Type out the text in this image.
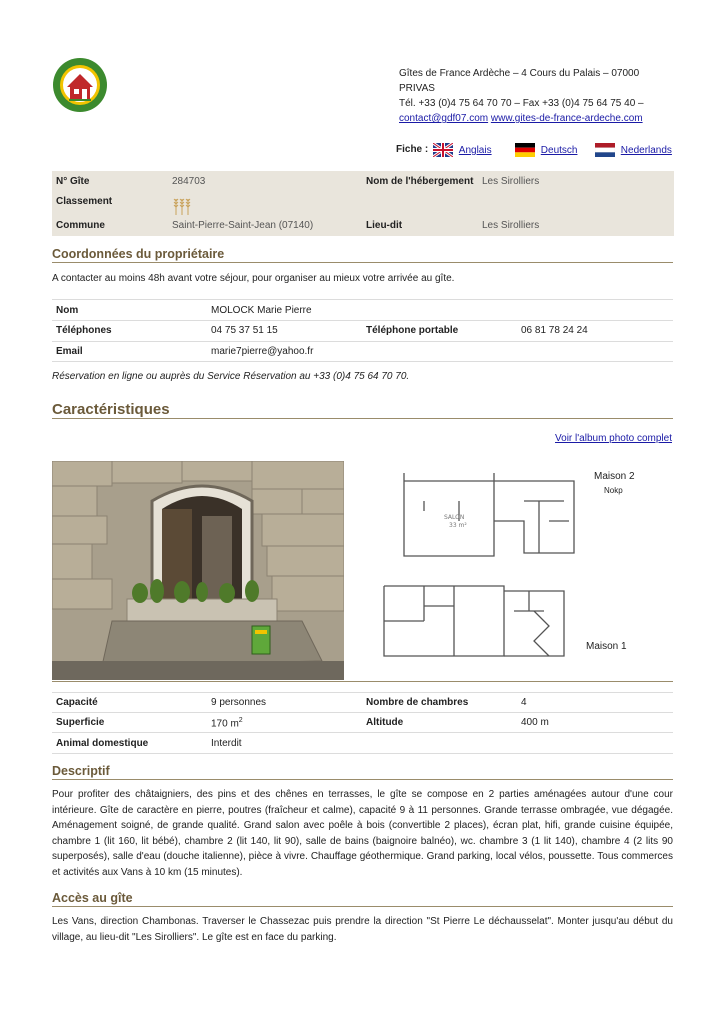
Gîtes de France Ardèche – 4 Cours du Palais – 07000
PRIVAS
Tél. +33 (0)4 75 64 70 70 – Fax +33 (0)4 75 64 75 40 –
contact@gdf07.com www.gites-de-france-ardeche.com
Fiche :	Anglais	Deutsch	Nederlands
N° Gîte	284703	Nom de l'hébergement Les Sirolliers
Classement
Commune	Saint-Pierre-Saint-Jean (07140)	Lieu-dit	Les Sirolliers
Coordonnées du propriétaire
A contacter au moins 48h avant votre séjour, pour organiser au mieux votre arrivée au gîte.
Nom	MOLOCK Marie Pierre
Téléphones	04 75 37 51 15	Téléphone portable	06 81 78 24 24
Email	marie7pierre@yahoo.fr
Réservation en ligne ou auprès du Service Réservation au +33 (0)4 75 64 70 70.
Caractéristiques
Voir l'album photo complet
SALON
33 m²
Maison 2
Nokp
Maison 1
Capacité	9 personnes	Nombre de chambres	4
Superficie	170 $m^2$	Altitude	400 m
Animal domestique	Interdit
Descriptif
Pour profiter des châtaigniers, des pins et des chênes en terrasses, le gîte se compose en 2 parties aménagées autour d'une cour intérieure. Gîte de caractère en pierre, poutres (fraîcheur et calme), capacité 9 à 11 personnes. Grande terrasse ombragée, vue dégagée. Aménagement soigné, de grande qualité. Grand salon avec poêle à bois (convertible 2 places), écran plat, hifi, grande cuisine équipée, chambre 1 (lit 160, lit bébé), chambre 2 (lit 140, lit 90), salle de bains (baignoire balnéo), wc. chambre 3 (1 lit 140), chambre 4 (2 lits 90 superposés), salle d'eau (douche italienne), pièce à vivre. Chauffage géothermique. Grand parking, local vélos, poussette. Tous commerces et activités aux Vans à 10 km (15 minutes).
Accès au gîte
Les Vans, direction Chambonas. Traverser le Chassezac puis prendre la direction "St Pierre Le déchausselat". Monter jusqu'au début du village, au lieu-dit "Les Sirolliers". Le gîte est en face du parking.
